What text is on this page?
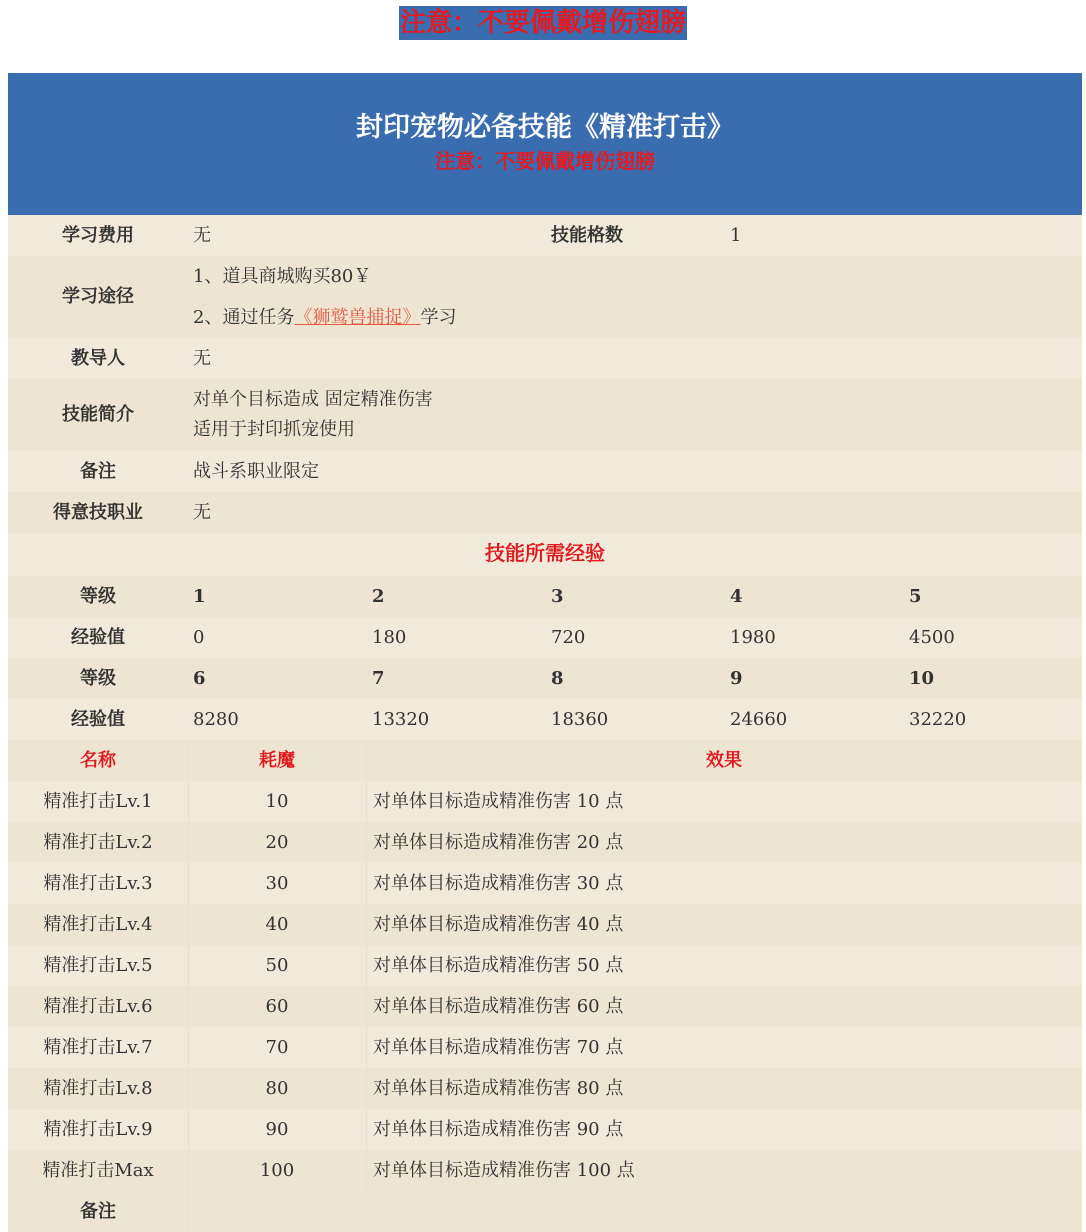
注意：不要佩戴增伤翅膀
封印宠物必备技能《精准打击》
注意：不要佩戴增伤翅膀
学习费用	无	技能格数	1
学习途径
1、道具商城购买80￥
2、通过任务《狮鹫兽捕捉》学习
教导人	无
技能简介
对单个目标造成 固定精准伤害
适用于封印抓宠使用
备注	战斗系职业限定
得意技职业	无
技能所需经验
等级	1	2	3	4	5
经验值	0	180	720	1980	4500
等级	6	7	8	9	10
经验值	8280	13320	18360	24660	32220
名称	耗魔	效果
精准打击Lv.1	10	对单体目标造成精准伤害 10 点
精准打击Lv.2	20	对单体目标造成精准伤害 20 点
精准打击Lv.3	30	对单体目标造成精准伤害 30 点
精准打击Lv.4	40	对单体目标造成精准伤害 40 点
精准打击Lv.5	50	对单体目标造成精准伤害 50 点
精准打击Lv.6	60	对单体目标造成精准伤害 60 点
精准打击Lv.7	70	对单体目标造成精准伤害 70 点
精准打击Lv.8	80	对单体目标造成精准伤害 80 点
精准打击Lv.9	90	对单体目标造成精准伤害 90 点
精准打击Max	100	对单体目标造成精准伤害 100 点
备注
